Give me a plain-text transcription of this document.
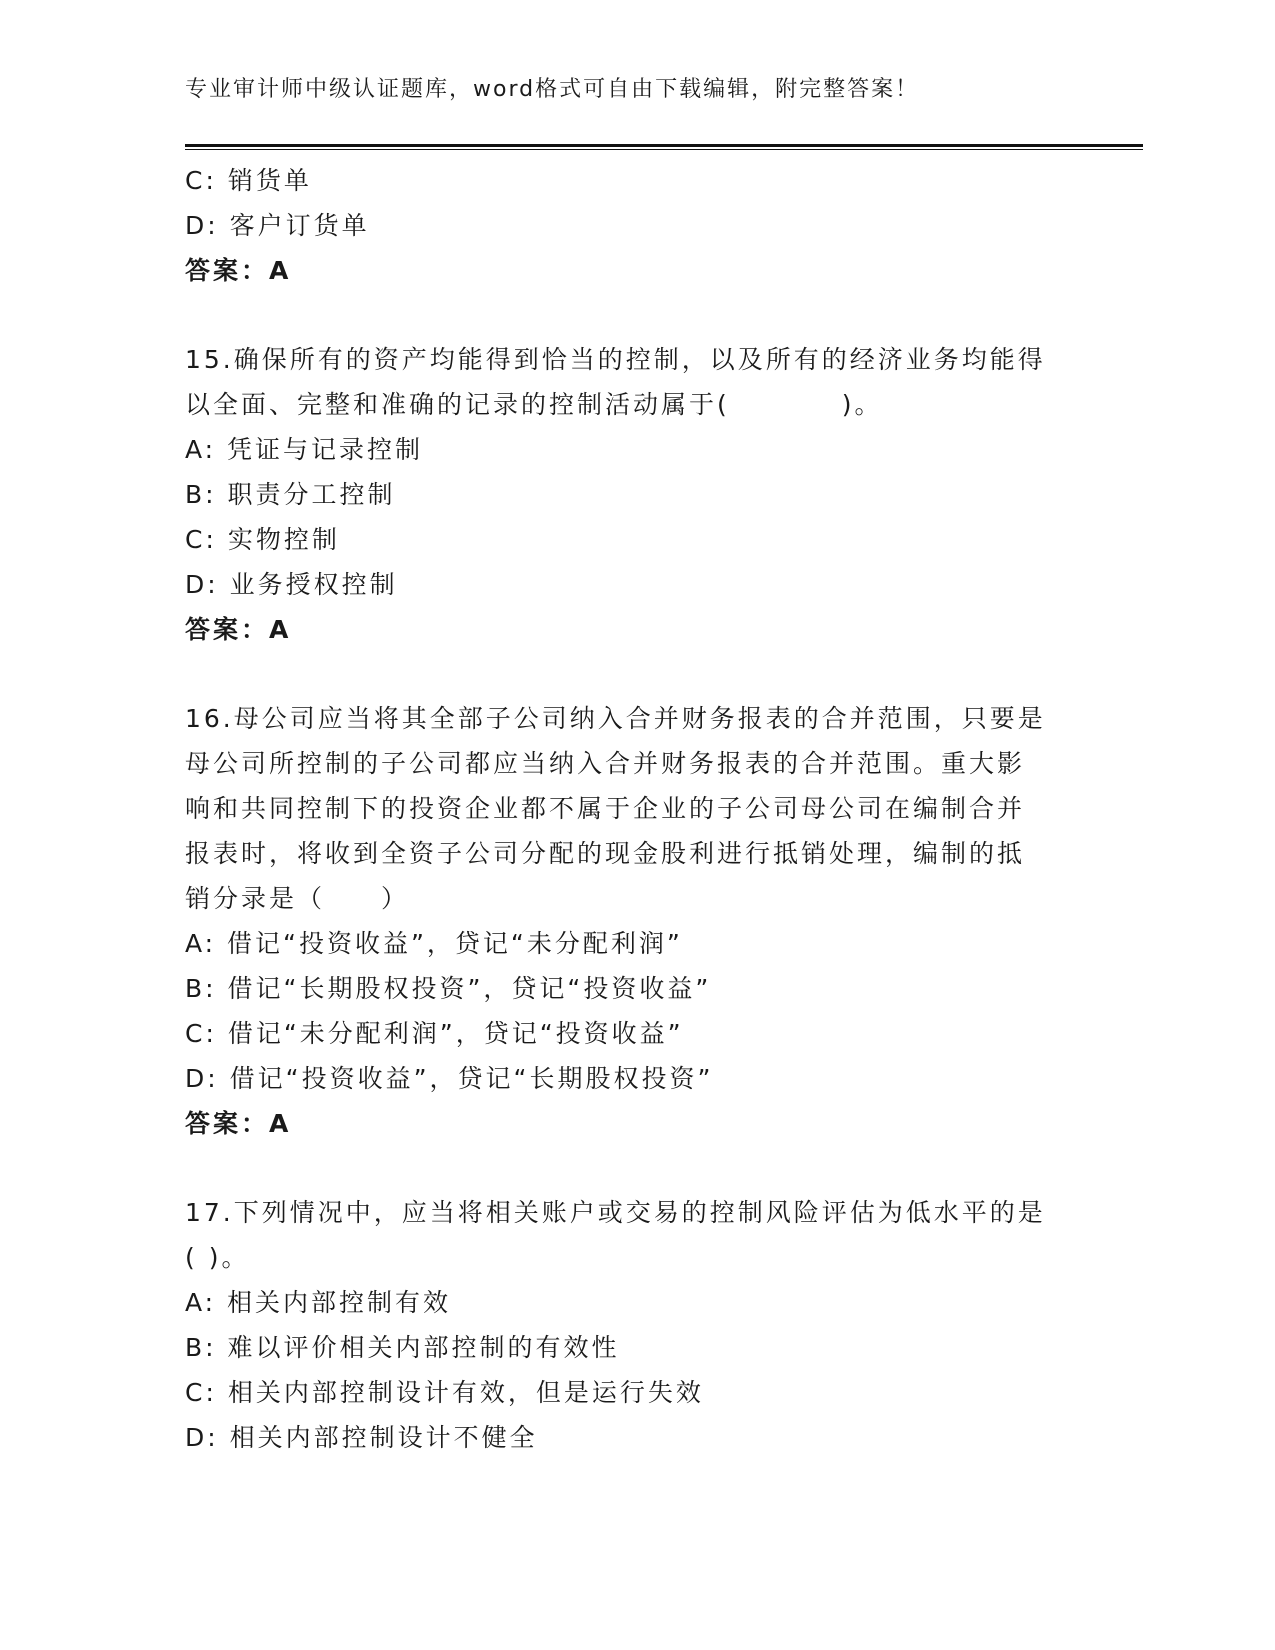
专业审计师中级认证题库，word格式可自由下载编辑，附完整答案！
C: 销货单
D: 客户订货单
答案：A
15.确保所有的资产均能得到恰当的控制，以及所有的经济业务均能得
以全面、完整和准确的记录的控制活动属于(　　　　)。
A: 凭证与记录控制
B: 职责分工控制
C: 实物控制
D: 业务授权控制
答案：A
16.母公司应当将其全部子公司纳入合并财务报表的合并范围，只要是
母公司所控制的子公司都应当纳入合并财务报表的合并范围。重大影
响和共同控制下的投资企业都不属于企业的子公司母公司在编制合并
报表时，将收到全资子公司分配的现金股利进行抵销处理，编制的抵
销分录是（　　）
A: 借记“投资收益”，贷记“未分配利润”
B: 借记“长期股权投资”，贷记“投资收益”
C: 借记“未分配利润”，贷记“投资收益”
D: 借记“投资收益”，贷记“长期股权投资”
答案：A
17.下列情况中，应当将相关账户或交易的控制风险评估为低水平的是
( )。
A: 相关内部控制有效
B: 难以评价相关内部控制的有效性
C: 相关内部控制设计有效，但是运行失效
D: 相关内部控制设计不健全
